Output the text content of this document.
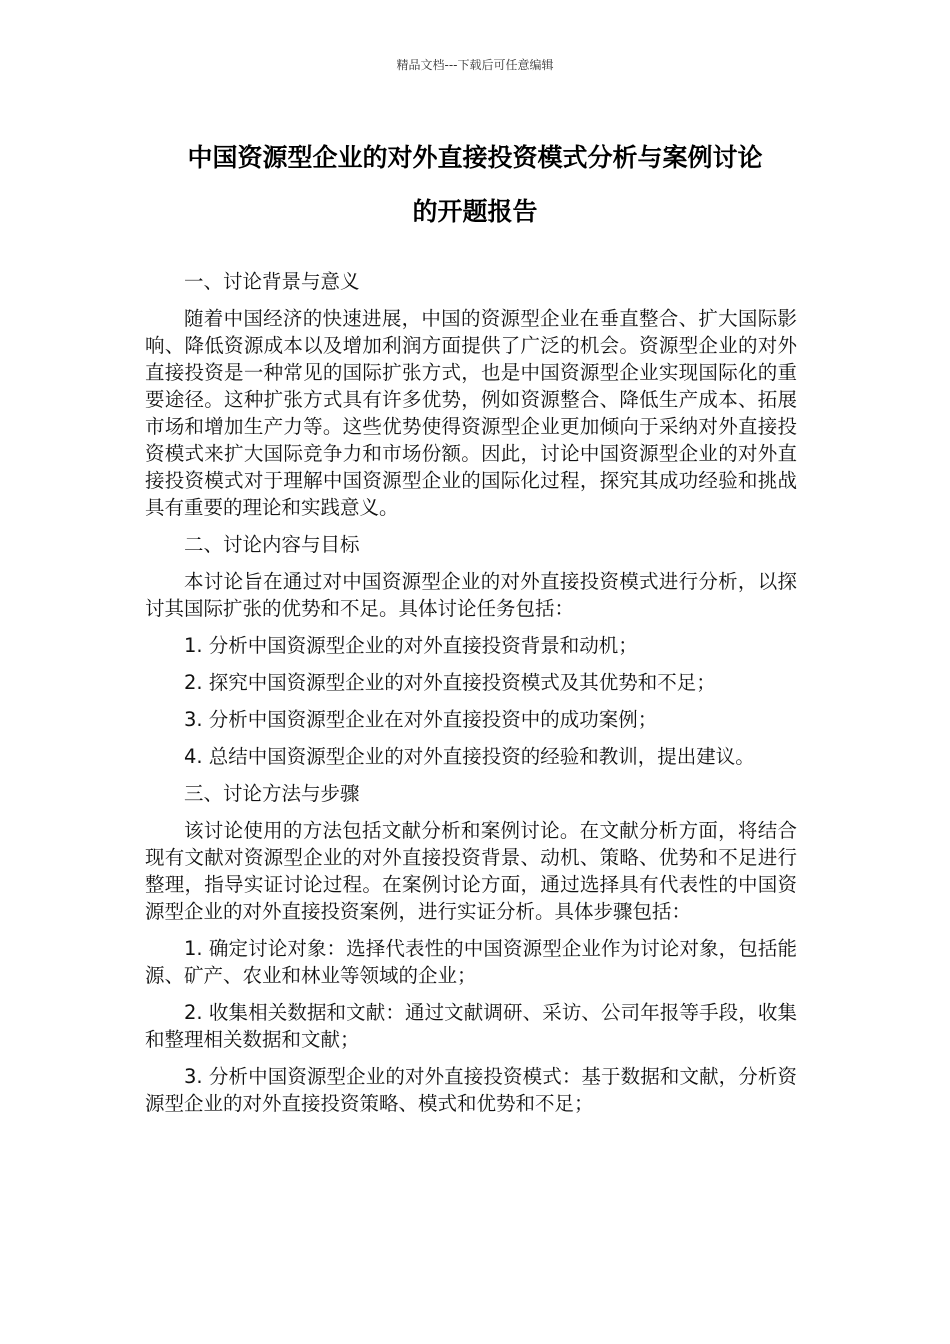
精品文档---下载后可任意编辑
中国资源型企业的对外直接投资模式分析与案例讨论
的开题报告

一、讨论背景与意义

随着中国经济的快速进展，中国的资源型企业在垂直整合、扩大国际影响、降低资源成本以及增加利润方面提供了广泛的机会。资源型企业的对外直接投资是一种常见的国际扩张方式，也是中国资源型企业实现国际化的重要途径。这种扩张方式具有许多优势，例如资源整合、降低生产成本、拓展市场和增加生产力等。这些优势使得资源型企业更加倾向于采纳对外直接投资模式来扩大国际竞争力和市场份额。因此，讨论中国资源型企业的对外直接投资模式对于理解中国资源型企业的国际化过程，探究其成功经验和挑战具有重要的理论和实践意义。

二、讨论内容与目标

本讨论旨在通过对中国资源型企业的对外直接投资模式进行分析，以探讨其国际扩张的优势和不足。具体讨论任务包括：

1. 分析中国资源型企业的对外直接投资背景和动机；

2. 探究中国资源型企业的对外直接投资模式及其优势和不足；

3. 分析中国资源型企业在对外直接投资中的成功案例；

4. 总结中国资源型企业的对外直接投资的经验和教训，提出建议。

三、讨论方法与步骤

该讨论使用的方法包括文献分析和案例讨论。在文献分析方面，将结合现有文献对资源型企业的对外直接投资背景、动机、策略、优势和不足进行整理，指导实证讨论过程。在案例讨论方面，通过选择具有代表性的中国资源型企业的对外直接投资案例，进行实证分析。具体步骤包括：

1. 确定讨论对象：选择代表性的中国资源型企业作为讨论对象，包括能源、矿产、农业和林业等领域的企业；

2. 收集相关数据和文献：通过文献调研、采访、公司年报等手段，收集和整理相关数据和文献；

3. 分析中国资源型企业的对外直接投资模式：基于数据和文献，分析资源型企业的对外直接投资策略、模式和优势和不足；
